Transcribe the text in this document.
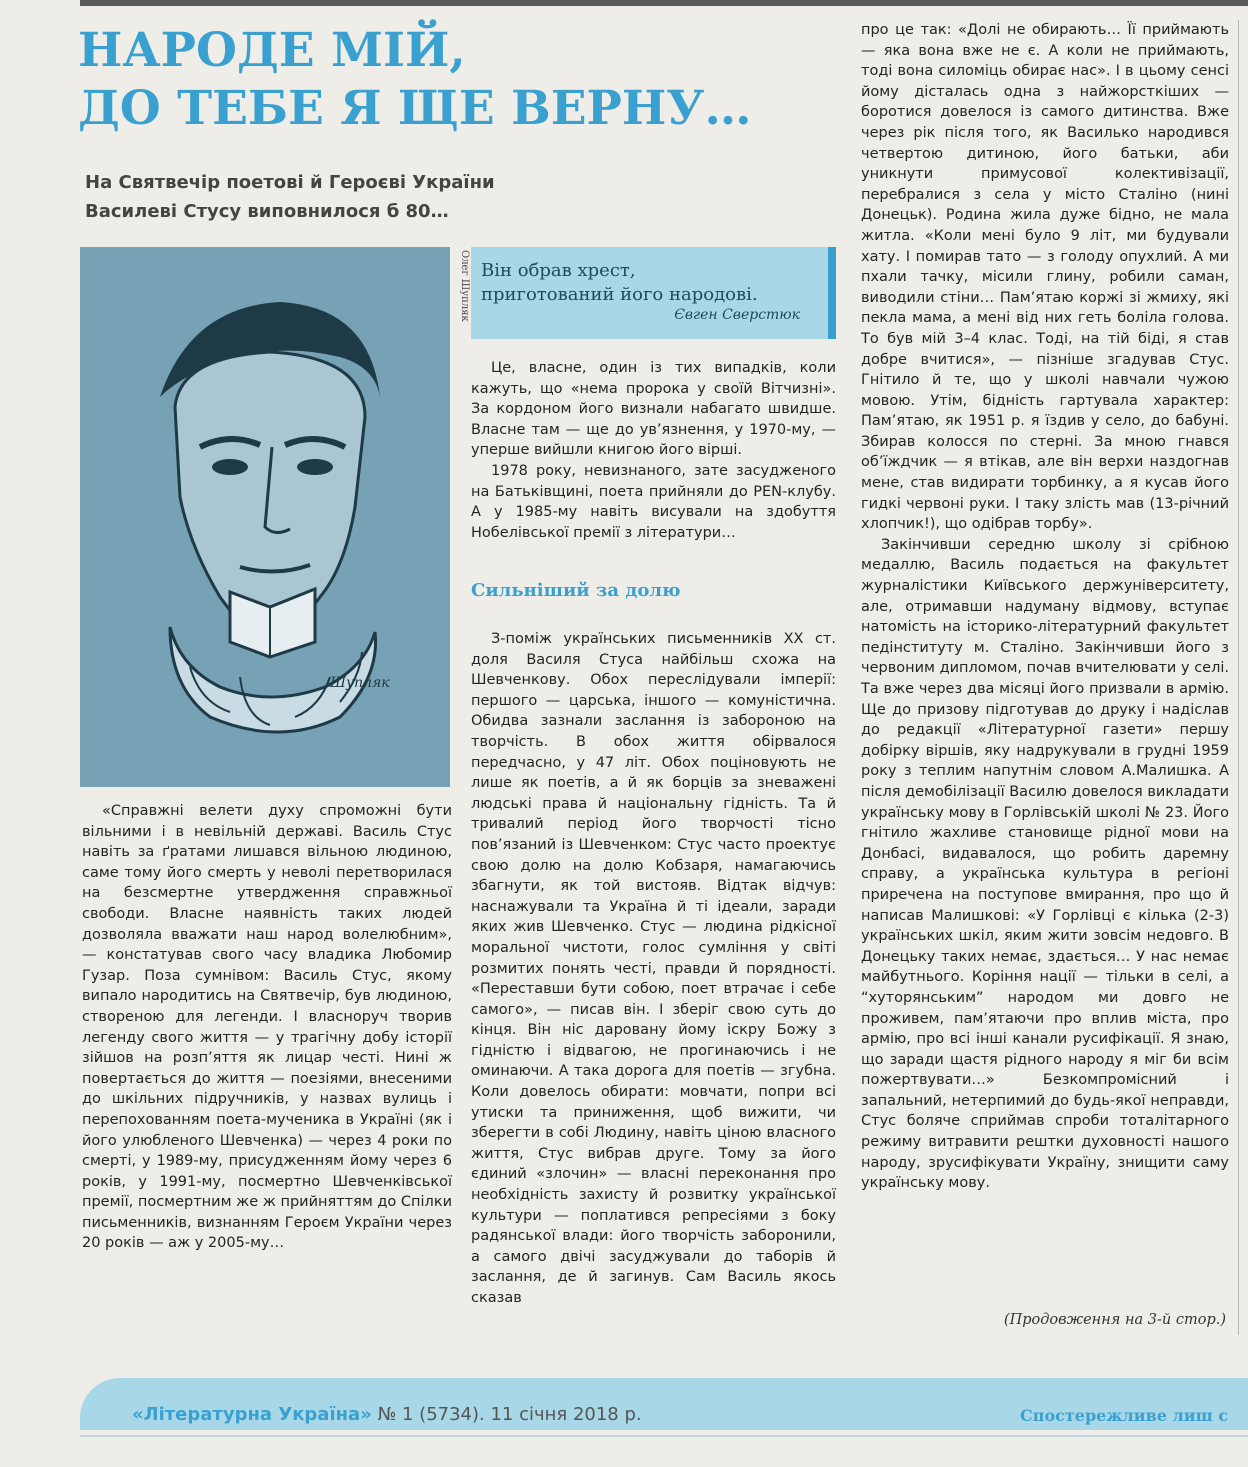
НАРОДЕ МІЙ,
ДО ТЕБЕ Я ЩЕ ВЕРНУ…
На Святвечір поетові й Героєві України

Василеві Стусу виповнилося б 80…
Шупляк
Олег Шупляк Він обрав хрест,

приготований його народові.

Євген Сверстюк

«Справжні велети духу спроможні бути вільними і в невільній державі. Василь Стус навіть за ґратами лишався вільною людиною, саме тому його смерть у неволі перетворилася на безсмертне утвердження справжньої свободи. Власне наявність таких людей дозволяла вважати наш народ волелюбним», — констатував свого часу владика Любомир Гузар. Поза сумнівом: Василь Стус, якому випало народитись на Святвечір, був людиною, створеною для легенди. І власноруч творив легенду свого життя — у трагічну добу історії зійшов на розп’яття як лицар честі. Нині ж повертається до життя — поезіями, внесеними до шкільних підручників, у назвах вулиць і перепохованням поета-мученика в Україні (як і його улюбленого Шевченка) — через 4 роки по смерті, у 1989-му, присудженням йому через 6 років, у 1991-му, посмертно Шевченківської премії, посмертним же ж прийняттям до Спілки письменників, визнанням Героєм України через 20 років — аж у 2005-му…

Це, власне, один із тих випадків, коли кажуть, що «нема пророка у своїй Вітчизні». За кордоном його визнали набагато швидше. Власне там — ще до ув’язнення, у 1970-му, — уперше вийшли книгою його вірші.

1978 року, невизнаного, зате засудженого на Батьківщині, поета прийняли до PEN-клубу. А у 1985-му навіть висували на здобуття Нобелівської премії з літератури…

Сильніший за долю

З-поміж українських письменників ХХ ст. доля Василя Стуса найбільш схожа на Шевченкову. Обох переслідували імперії: першого — царська, іншого — комуністична. Обидва зазнали заслання із забороною на творчість. В обох життя обірвалося передчасно, у 47 літ. Обох поціновують не лише як поетів, а й як борців за зневажені людські права й національну гідність. Та й тривалий період його творчості тісно пов’язаний із Шевченком: Стус часто проектує свою долю на долю Кобзаря, намагаючись збагнути, як той вистояв. Відтак відчув: наснажували та Україна й ті ідеали, заради яких жив Шевченко. Стус — людина рідкісної моральної чистоти, голос сумління у світі розмитих понять честі, правди й порядності. «Переставши бути собою, поет втрачає і себе самого», — писав він. І зберіг свою суть до кінця. Він ніс даровану йому іскру Божу з гідністю і відвагою, не прогинаючись і не оминаючи. А така дорога для поетів — згубна. Коли довелось обирати: мовчати, попри всі утиски та приниження, щоб вижити, чи зберегти в собі Людину, навіть ціною власного життя, Стус вибрав друге. Тому за його єдиний «злочин» — власні переконання про необхідність захисту й розвитку української культури — поплатився репресіями з боку радянської влади: його творчість заборонили, а самого двічі засуджували до таборів й заслання, де й загинув. Сам Василь якось сказав

про це так: «Долі не обирають… Її приймають — яка вона вже не є. А коли не приймають, тоді вона силоміць обирає нас». І в цьому сенсі йому дісталась одна з найжорсткіших — боротися довелося із самого дитинства. Вже через рік після того, як Василько народився четвертою дитиною, його батьки, аби уникнути примусової колективізації, перебралися з села у місто Сталіно (нині Донецьк). Родина жила дуже бідно, не мала житла. «Коли мені було 9 літ, ми будували хату. І помирав тато — з голоду опухлий. А ми пхали тачку, місили глину, робили саман, виводили стіни… Пам’ятаю коржі зі жмиху, які пекла мама, а мені від них геть боліла голова. То був мій 3–4 клас. Тоді, на тій біді, я став добре вчитися», — пізніше згадував Стус. Гнітило й те, що у школі навчали чужою мовою. Утім, бідність гартувала характер: Пам’ятаю, як 1951 р. я їздив у село, до бабуні. Збирав колосся по стерні. За мною гнався об’їждчик — я втікав, але він верхи наздогнав мене, став видирати торбинку, а я кусав його гидкі червоні руки. І таку злість мав (13-річний хлопчик!), що одібрав торбу».

Закінчивши середню школу зі срібною медаллю, Василь подається на факультет журналістики Київського держуніверситету, але, отримавши надуману відмову, вступає натомість на історико-літературний факультет педінституту м. Сталіно. Закінчивши його з червоним дипломом, почав вчителювати у селі. Та вже через два місяці його призвали в армію. Ще до призову підготував до друку і надіслав до редакції «Літературної газети» першу добірку віршів, яку надрукували в грудні 1959 року з теплим напутнім словом А.Малишка. А після демобілізації Василю довелося викладати українську мову в Горлівській школі № 23. Його гнітило жахливе становище рідної мови на Донбасі, видавалося, що робить даремну справу, а українська культура в регіоні приречена на поступове вмирання, про що й написав Малишкові: «У Горлівці є кілька (2-3) українських шкіл, яким жити зовсім недовго. В Донецьку таких немає, здається… У нас немає майбутнього. Коріння нації — тільки в селі, а “хуторянським” народом ми довго не проживем, пам’ятаючи про вплив міста, про армію, про всі інші канали русифікації. Я знаю, що заради щастя рідного народу я міг би всім пожертвувати…» Безкомпромісний і запальний, нетерпимий до будь-якої неправди, Стус боляче сприймав спроби тоталітарного режиму витравити рештки духовності нашого народу, зрусифікувати Україну, знищити саму українську мову.

(Продовження на 3-й стор.)
«Літературна Україна» № 1 (5734). 11 січня 2018 р.	Спостережливе лиш с
